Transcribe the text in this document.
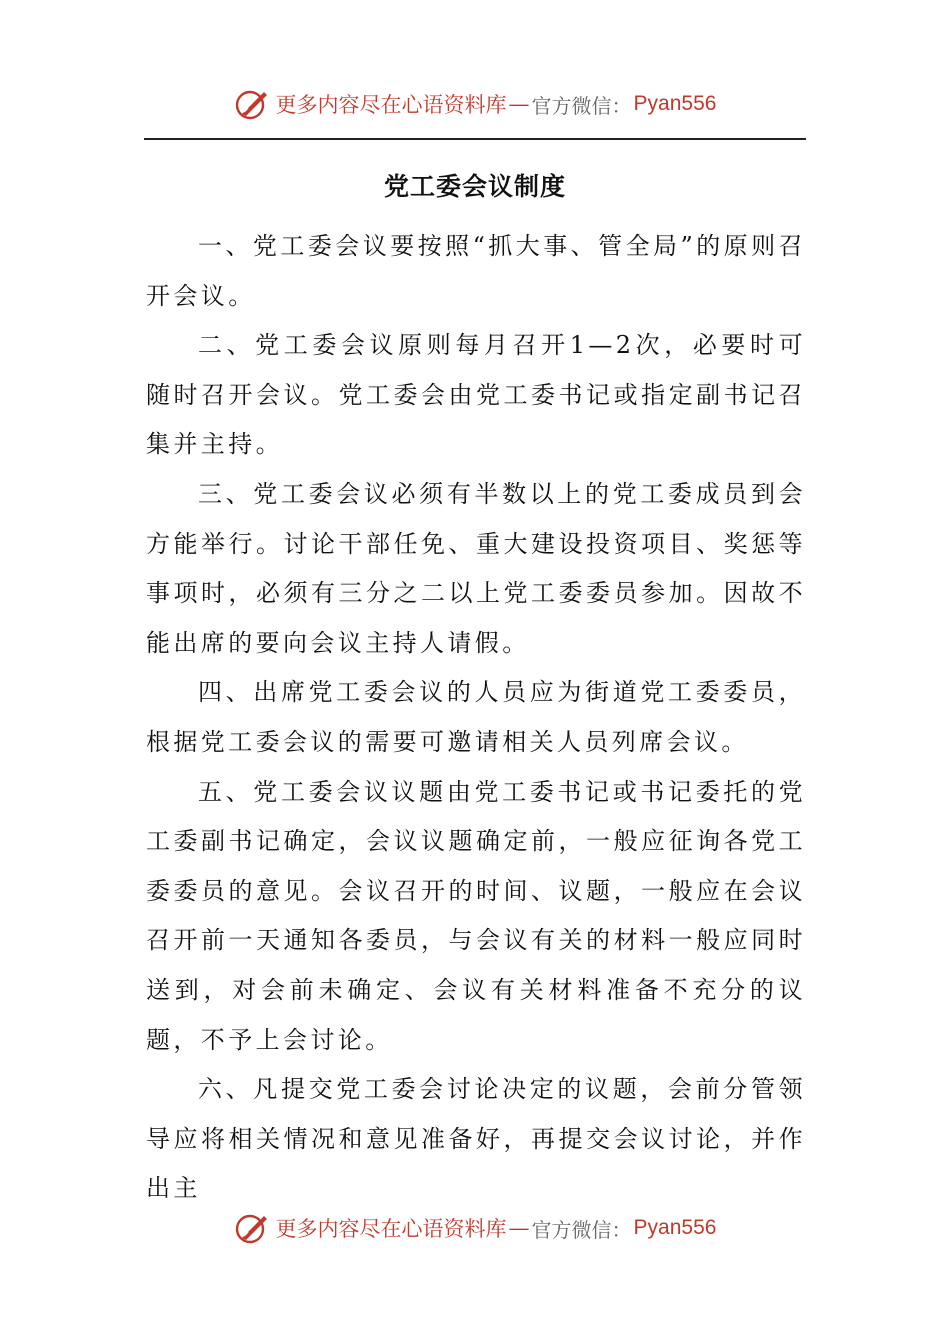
更多内容尽在心语资料库 — 官方微信： Pyan556
党工委会议制度

一、党工委会议要按照“抓大事、管全局”的原则召开会议。

二、党工委会议原则每月召开1—2次，必要时可随时召开会议。党工委会由党工委书记或指定副书记召集并主持。

三、党工委会议必须有半数以上的党工委成员到会方能举行。讨论干部任免、重大建设投资项目、奖惩等事项时，必须有三分之二以上党工委委员参加。因故不能出席的要向会议主持人请假。

四、出席党工委会议的人员应为街道党工委委员，根据党工委会议的需要可邀请相关人员列席会议。

五、党工委会议议题由党工委书记或书记委托的党工委副书记确定，会议议题确定前，一般应征询各党工委委员的意见。会议召开的时间、议题，一般应在会议召开前一天通知各委员，与会议有关的材料一般应同时送到，对会前未确定、会议有关材料准备不充分的议题，不予上会讨论。

六、凡提交党工委会讨论决定的议题，会前分管领导应将相关情况和意见准备好，再提交会议讨论，并作出主

更多内容尽在心语资料库 — 官方微信： Pyan556
